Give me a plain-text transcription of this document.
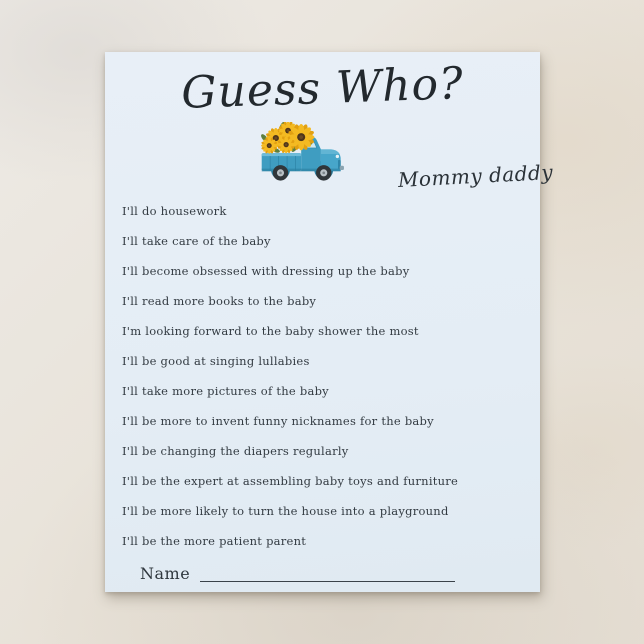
Guess Who?
Mommy daddy
I'll do housework
I'll take care of the baby
I'll become obsessed with dressing up the baby
I'll read more books to the baby
I'm looking forward to the baby shower the most
I'll be good at singing lullabies
I'll take more pictures of the baby
I'll be more to invent funny nicknames for the baby
I'll be changing the diapers regularly
I'll be the expert at assembling baby toys and furniture
I'll be more likely to turn the house into a playground
I'll be the more patient parent
Name
